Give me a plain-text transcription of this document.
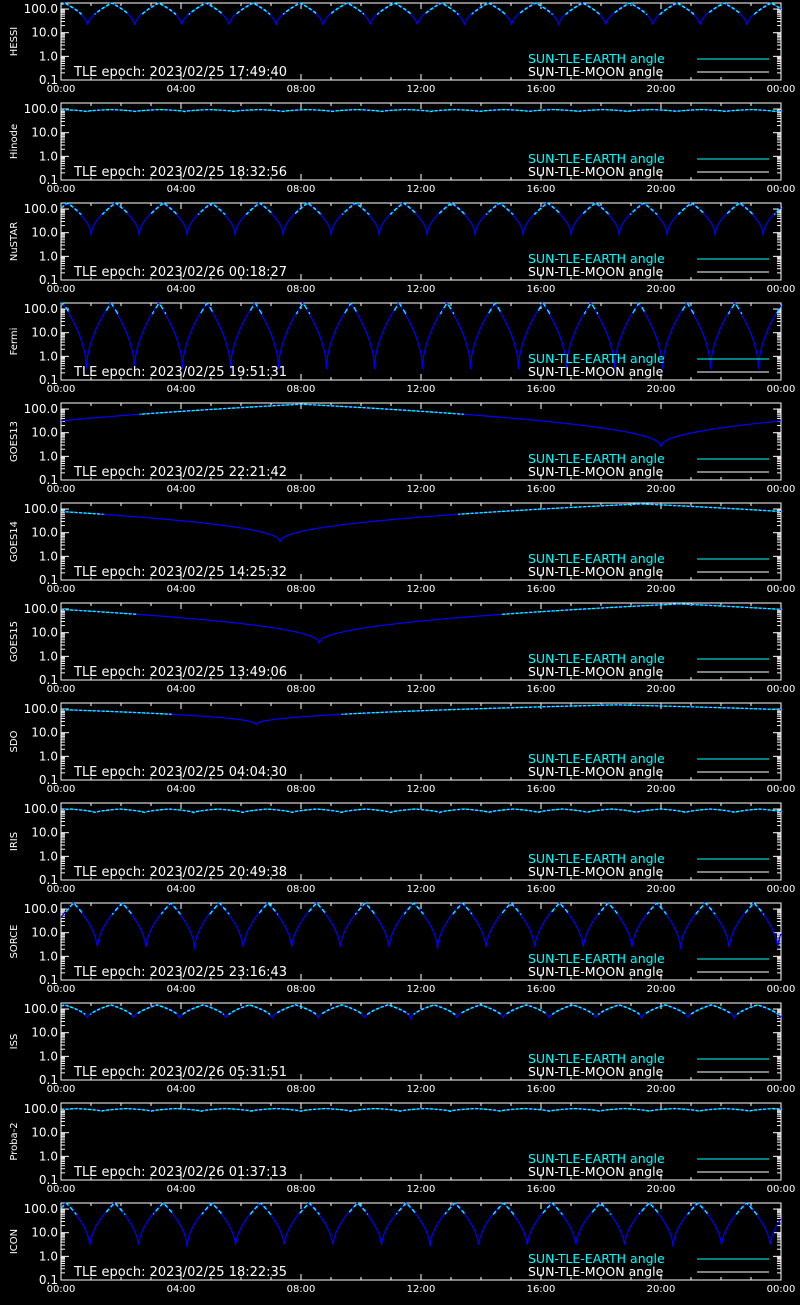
100.0
10.0
1.0
0.1
00:00	04:00	08:00	12:00	16:00	20:00	00:00
HESSI
TLE epoch: 2023/02/25 17:49:40
SUN-TLE-EARTH angle
SUN-TLE-MOON angle
100.0
10.0
1.0
0.1
00:00	04:00	08:00	12:00	16:00	20:00	00:00
Hinode
TLE epoch: 2023/02/25 18:32:56
SUN-TLE-EARTH angle
SUN-TLE-MOON angle
100.0
10.0
1.0
0.1
00:00	04:00	08:00	12:00	16:00	20:00	00:00
NuSTAR
TLE epoch: 2023/02/26 00:18:27
SUN-TLE-EARTH angle
SUN-TLE-MOON angle
100.0
10.0
1.0
0.1
00:00	04:00	08:00	12:00	16:00	20:00	00:00
Fermi
TLE epoch: 2023/02/25 19:51:31
SUN-TLE-EARTH angle
SUN-TLE-MOON angle
100.0
10.0
1.0
0.1
00:00	04:00	08:00	12:00	16:00	20:00	00:00
GOES13
TLE epoch: 2023/02/25 22:21:42
SUN-TLE-EARTH angle
SUN-TLE-MOON angle
100.0
10.0
1.0
0.1
00:00	04:00	08:00	12:00	16:00	20:00	00:00
GOES14
TLE epoch: 2023/02/25 14:25:32
SUN-TLE-EARTH angle
SUN-TLE-MOON angle
100.0
10.0
1.0
0.1
00:00	04:00	08:00	12:00	16:00	20:00	00:00
GOES15
TLE epoch: 2023/02/25 13:49:06
SUN-TLE-EARTH angle
SUN-TLE-MOON angle
100.0
10.0
1.0
0.1
00:00	04:00	08:00	12:00	16:00	20:00	00:00
SDO
TLE epoch: 2023/02/25 04:04:30
SUN-TLE-EARTH angle
SUN-TLE-MOON angle
100.0
10.0
1.0
0.1
00:00	04:00	08:00	12:00	16:00	20:00	00:00
IRIS
TLE epoch: 2023/02/25 20:49:38
SUN-TLE-EARTH angle
SUN-TLE-MOON angle
100.0
10.0
1.0
0.1
00:00	04:00	08:00	12:00	16:00	20:00	00:00
SORCE
TLE epoch: 2023/02/25 23:16:43
SUN-TLE-EARTH angle
SUN-TLE-MOON angle
100.0
10.0
1.0
0.1
00:00	04:00	08:00	12:00	16:00	20:00	00:00
ISS
TLE epoch: 2023/02/26 05:31:51
SUN-TLE-EARTH angle
SUN-TLE-MOON angle
100.0
10.0
1.0
0.1
00:00	04:00	08:00	12:00	16:00	20:00	00:00
Proba-2
TLE epoch: 2023/02/26 01:37:13
SUN-TLE-EARTH angle
SUN-TLE-MOON angle
100.0
10.0
1.0
0.1
00:00	04:00	08:00	12:00	16:00	20:00	00:00
ICON
TLE epoch: 2023/02/25 18:22:35
SUN-TLE-EARTH angle
SUN-TLE-MOON angle
